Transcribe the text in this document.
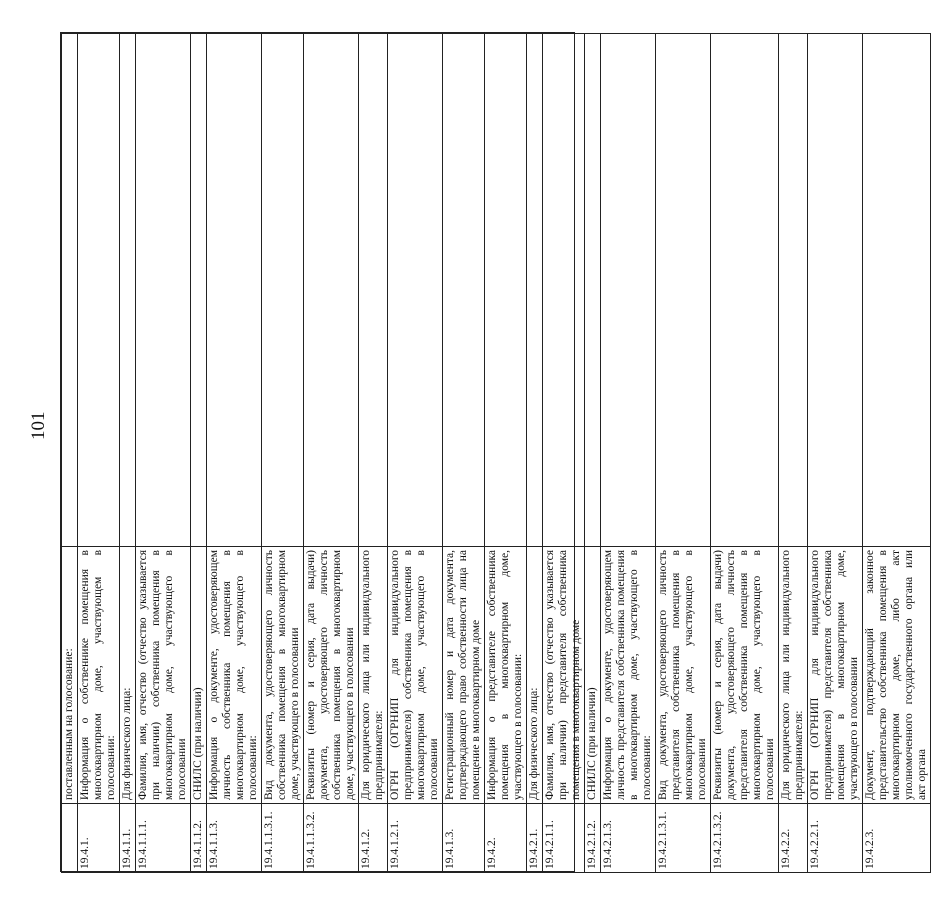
101
	поставленным на голосование:	
19.4.1.	Информация о собственнике помещения в многоквартирном доме, участвующем в голосовании:	
19.4.1.1.	Для физического лица:	
19.4.1.1.1.	Фамилия, имя, отчество (отчество указывается при наличии) собственника помещения в многоквартирном доме, участвующего в голосовании	
19.4.1.1.2.	СНИЛС (при наличии)	
19.4.1.1.3.	Информация о документе, удостоверяющем личность собственника помещения в многоквартирном доме, участвующего в голосовании:	
19.4.1.1.3.1.	Вид документа, удостоверяющего личность собственника помещения в многоквартирном доме, участвующего в голосовании	
19.4.1.1.3.2.	Реквизиты (номер и серия, дата выдачи) документа, удостоверяющего личность собственника помещения в многоквартирном доме, участвующего в голосовании	
19.4.1.2.	Для юридического лица или индивидуального предпринимателя:	
19.4.1.2.1.	ОГРН (ОГРНИП для индивидуального предпринимателя) собственника помещения в многоквартирном доме, участвующего в голосовании	
19.4.1.3.	Регистрационный номер и дата документа, подтверждающего право собственности лица на помещение в многоквартирном доме	
19.4.2.	Информация о представителе собственника помещения в многоквартирном доме, участвующего в голосовании:	
19.4.2.1.	Для физического лица:	
19.4.2.1.1.	Фамилия, имя, отчество (отчество указывается при наличии) представителя собственника помещения в многоквартирном доме	
19.4.2.1.2.	СНИЛС (при наличии)	
19.4.2.1.3.	Информация о документе, удостоверяющем личность представителя собственника помещения в многоквартирном доме, участвующего в голосовании:	
19.4.2.1.3.1.	Вид документа, удостоверяющего личность представителя собственника помещения в многоквартирном доме, участвующего в голосовании	
19.4.2.1.3.2.	Реквизиты (номер и серия, дата выдачи) документа, удостоверяющего личность представителя собственника помещения в многоквартирном доме, участвующего в голосовании	
19.4.2.2.	Для юридического лица или индивидуального предпринимателя:	
19.4.2.2.1.	ОГРН (ОГРНИП для индивидуального предпринимателя) представителя собственника помещения в многоквартирном доме, участвующего в голосовании	
19.4.2.3.	Документ, подтверждающий законное представительство собственника помещения в многоквартирном доме, либо акт уполномоченного государственного органа или акт органа	
